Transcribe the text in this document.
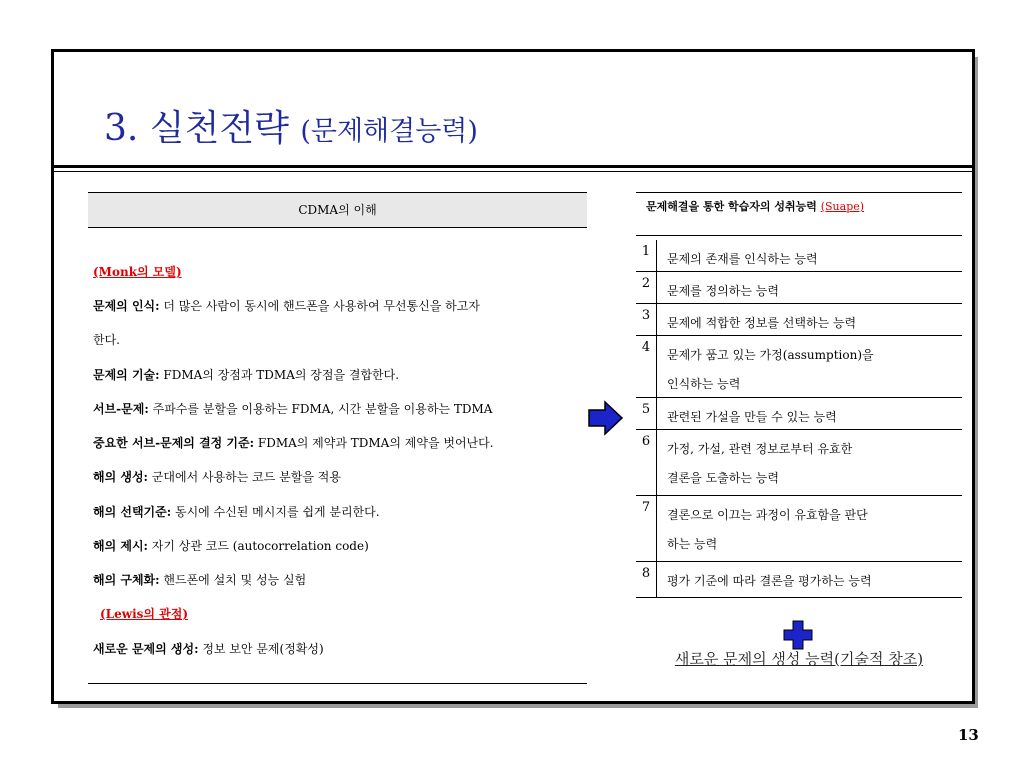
3. 실천전략 (문제해결능력)
CDMA의 이해
(Monk의 모델)
문제의 인식: 더 많은 사람이 동시에 핸드폰을 사용하여 무선통신을 하고자
한다.
문제의 기술: FDMA의 장점과 TDMA의 장점을 결합한다.
서브-문제: 주파수를 분할을 이용하는 FDMA, 시간 분할을 이용하는 TDMA
중요한 서브-문제의 결정 기준: FDMA의 제약과 TDMA의 제약을 벗어난다.
해의 생성: 군대에서 사용하는 코드 분할을 적용
해의 선택기준: 동시에 수신된 메시지를 쉽게 분리한다.
해의 제시: 자기 상관 코드 (autocorrelation code)
해의 구체화: 핸드폰에 설치 및 성능 실험
(Lewis의 관점)
새로운 문제의 생성: 정보 보안 문제(정확성)
문제해결을 통한 학습자의 성취능력 (Suape)
1	문제의 존재를 인식하는 능력
2	문제를 정의하는 능력
3	문제에 적합한 정보를 선택하는 능력
4	문제가 품고 있는 가정(assumption)을
인식하는 능력
5	관련된 가설을 만들 수 있는 능력
6	가정, 가설, 관련 정보로부터 유효한
결론을 도출하는 능력
7	결론으로 이끄는 과정이 유효함을 판단
하는 능력
8	평가 기준에 따라 결론을 평가하는 능력
새로운 문제의 생성 능력(기술적 창조)
13
